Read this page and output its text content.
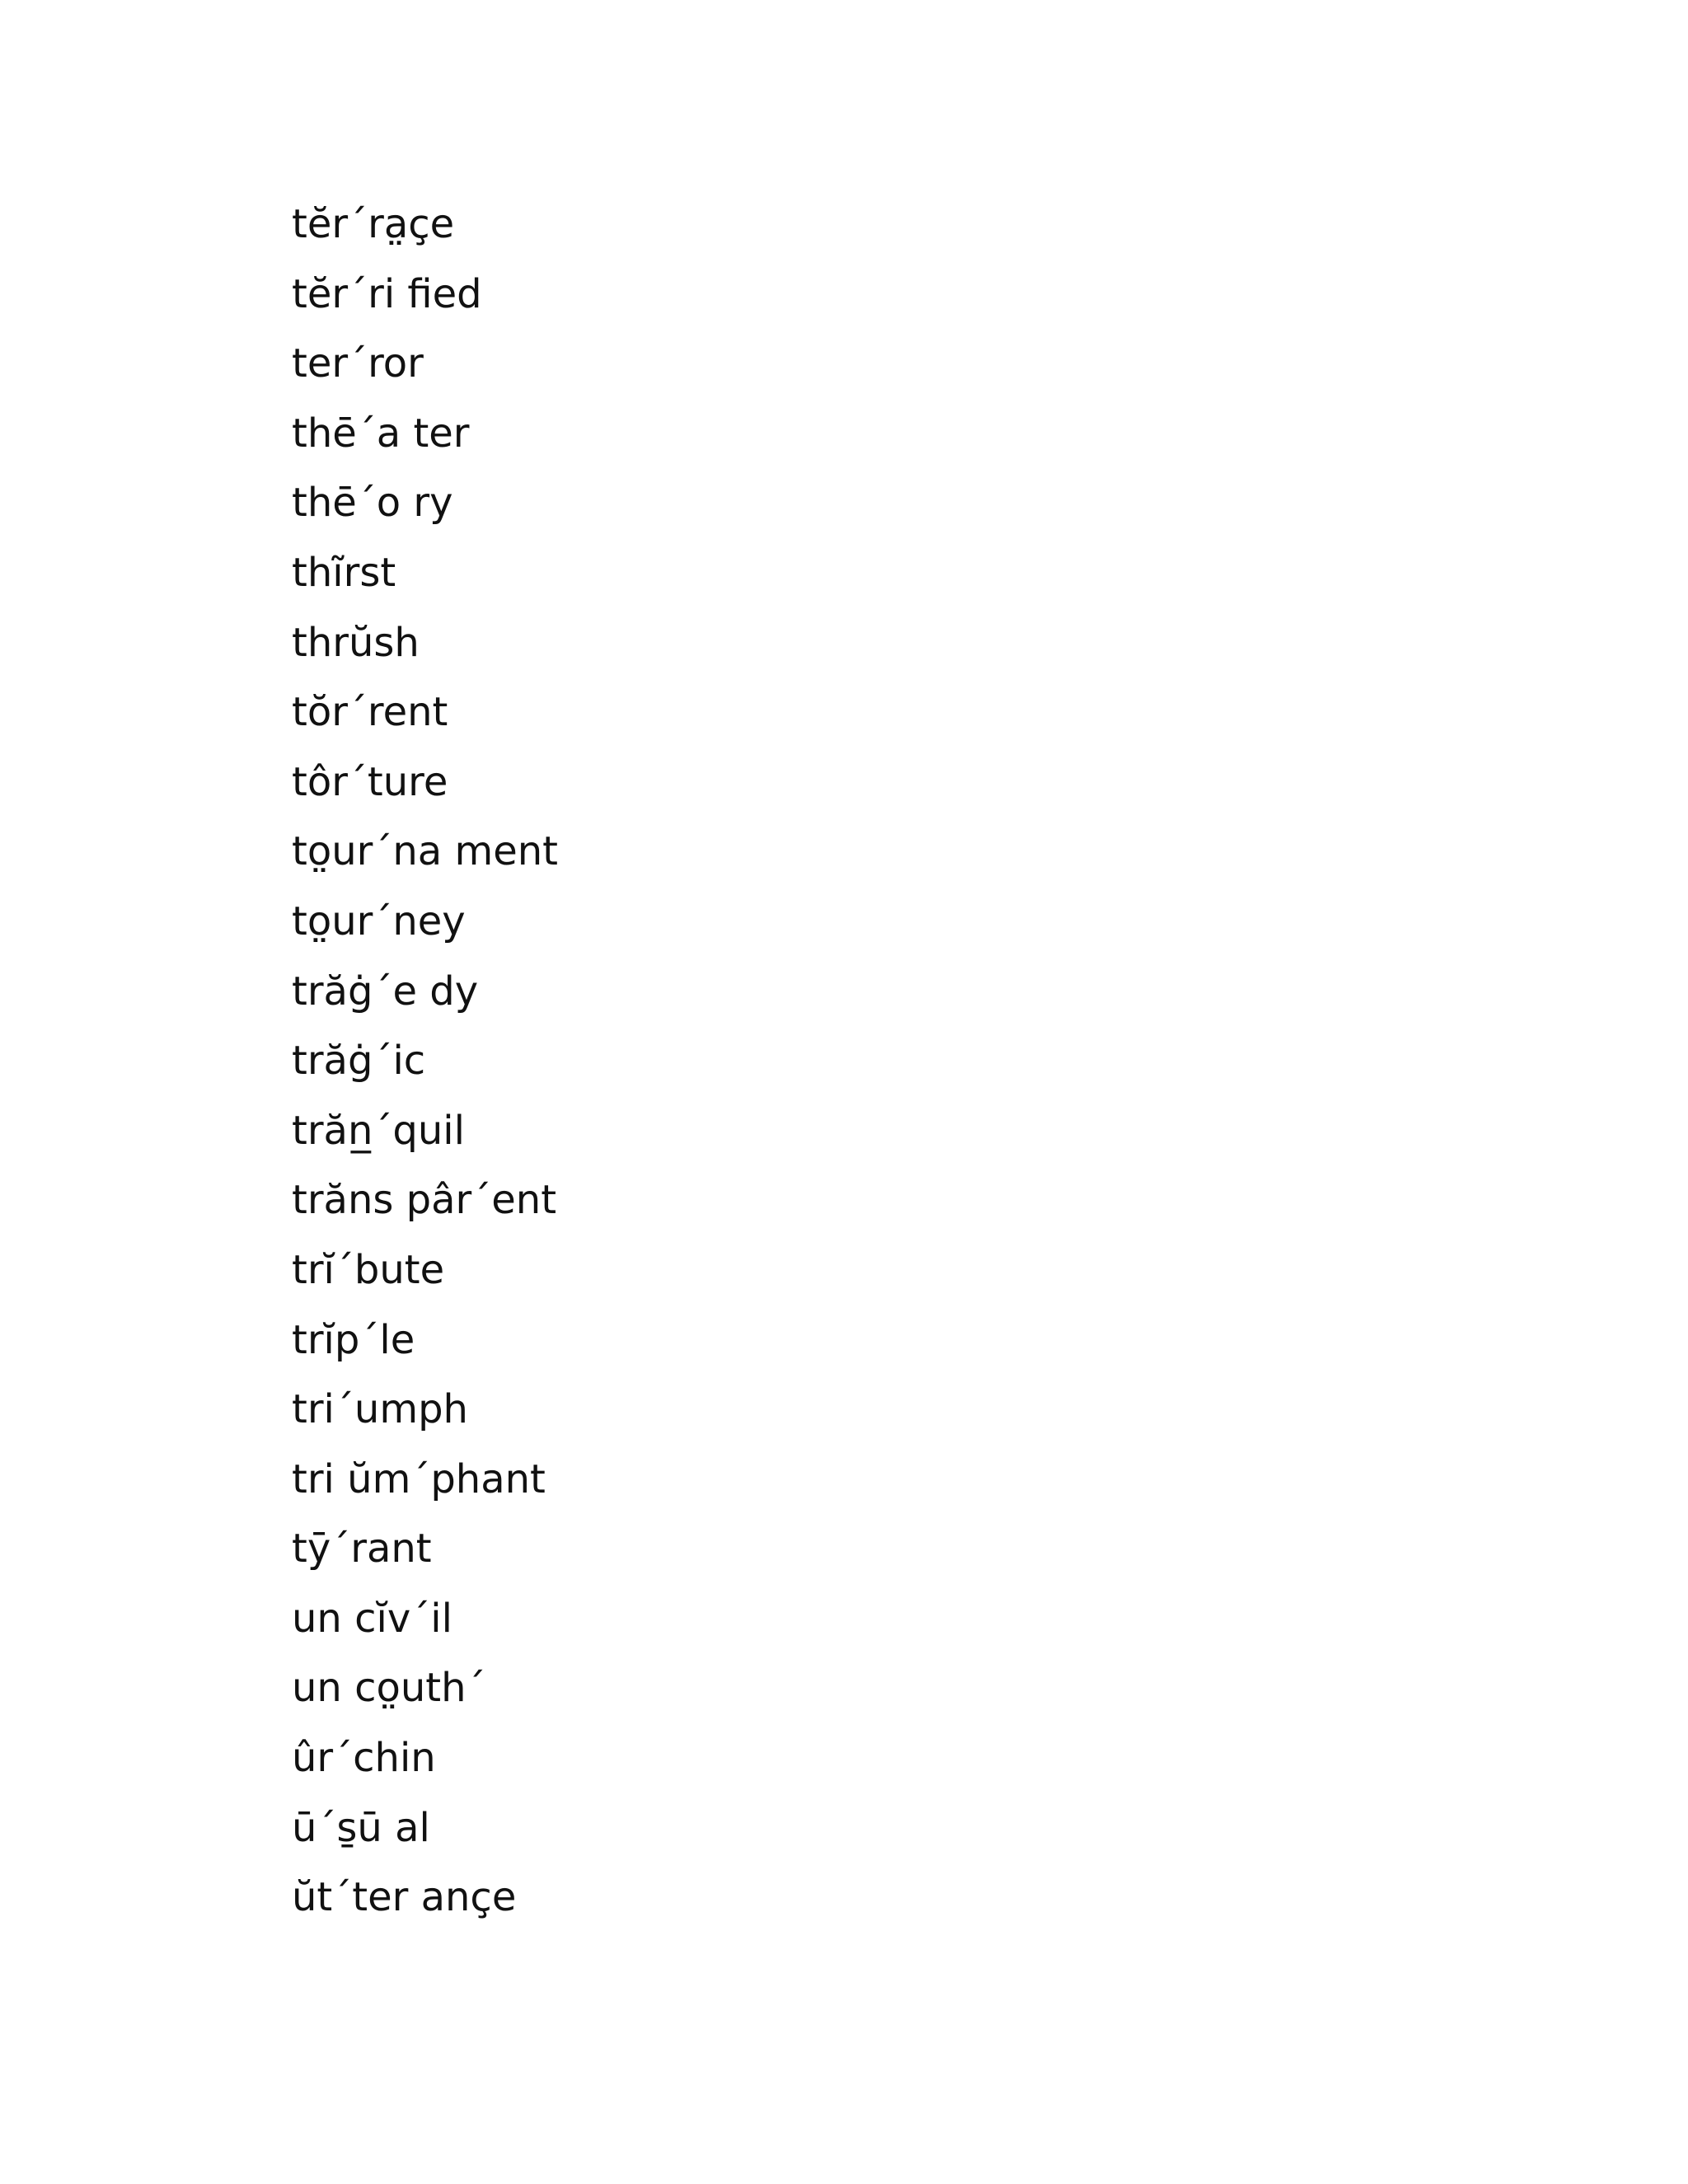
tĕr´ra̤çe
tĕr´ri fied
ter´ror
thē´a ter
thē´o ry
thĩrst
thrŭsh
tŏr´rent
tôr´ture
to̤ur´na ment
to̤ur´ney
trăġ´e dy
trăġ´ic
trăn̲´quil
trăns pâr´ent
trĭ´bute
trĭp´le
tri´umph
tri ŭm´phant
tȳ´rant
un cĭv´il
un co̤uth´
ûr´chin
ū´s̱ū al
ŭt´ter ançe
